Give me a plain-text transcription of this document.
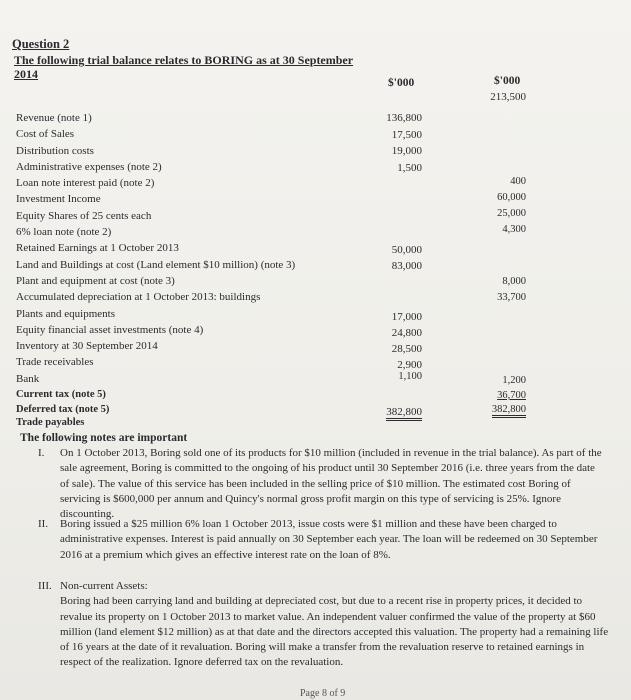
Question 2
The following trial balance relates to BORING as at 30 September
2014
$'000	$'000
213,500
Revenue (note 1)
Cost of Sales
Distribution costs
Administrative expenses (note 2)
Loan note interest paid (note 2)
Investment Income
Equity Shares of 25 cents each
6% loan note (note 2)
Retained Earnings at 1 October 2013
Land and Buildings at cost (Land element $10 million) (note 3)
Plant and equipment at cost (note 3)
Accumulated depreciation at 1 October 2013: buildings
Plants and equipments
Equity financial asset investments (note 4)
Inventory at 30 September 2014
Trade receivables
Bank
Current tax (note 5)
Deferred tax (note 5)
Trade payables
136,800
17,500
19,000
1,500
50,000
83,000
17,000
24,800
28,500
2,900
1,100
382,800
400
60,000
25,000
4,300
8,000
33,700
1,200
36,700
382,800
The following notes are important
I. On 1 October 2013, Boring sold one of its products for $10 million (included in revenue in the trial balance). As part of the sale agreement, Boring is committed to the ongoing of his product until 30 September 2016 (i.e. three years from the date of sale). The value of this service has been included in the selling price of $10 million. The estimated cost Boring of servicing is $600,000 per annum and Quincy's normal gross profit margin on this type of servicing is 25%. Ignore discounting.
II. Boring issued a $25 million 6% loan 1 October 2013, issue costs were $1 million and these have been charged to administrative expenses. Interest is paid annually on 30 September each year. The loan will be redeemed on 30 September 2016 at a premium which gives an effective interest rate on the loan of 8%.
III. Non-current Assets:
Boring had been carrying land and building at depreciated cost, but due to a recent rise in property prices, it decided to revalue its property on 1 October 2013 to market value. An independent valuer confirmed the value of the property at $60 million (land element $12 million) as at that date and the directors accepted this valuation. The property had a remaining life of 16 years at the date of it revaluation. Boring will make a transfer from the revaluation reserve to retained earnings in respect of the realization. Ignore deferred tax on the revaluation.
Page 8 of 9
